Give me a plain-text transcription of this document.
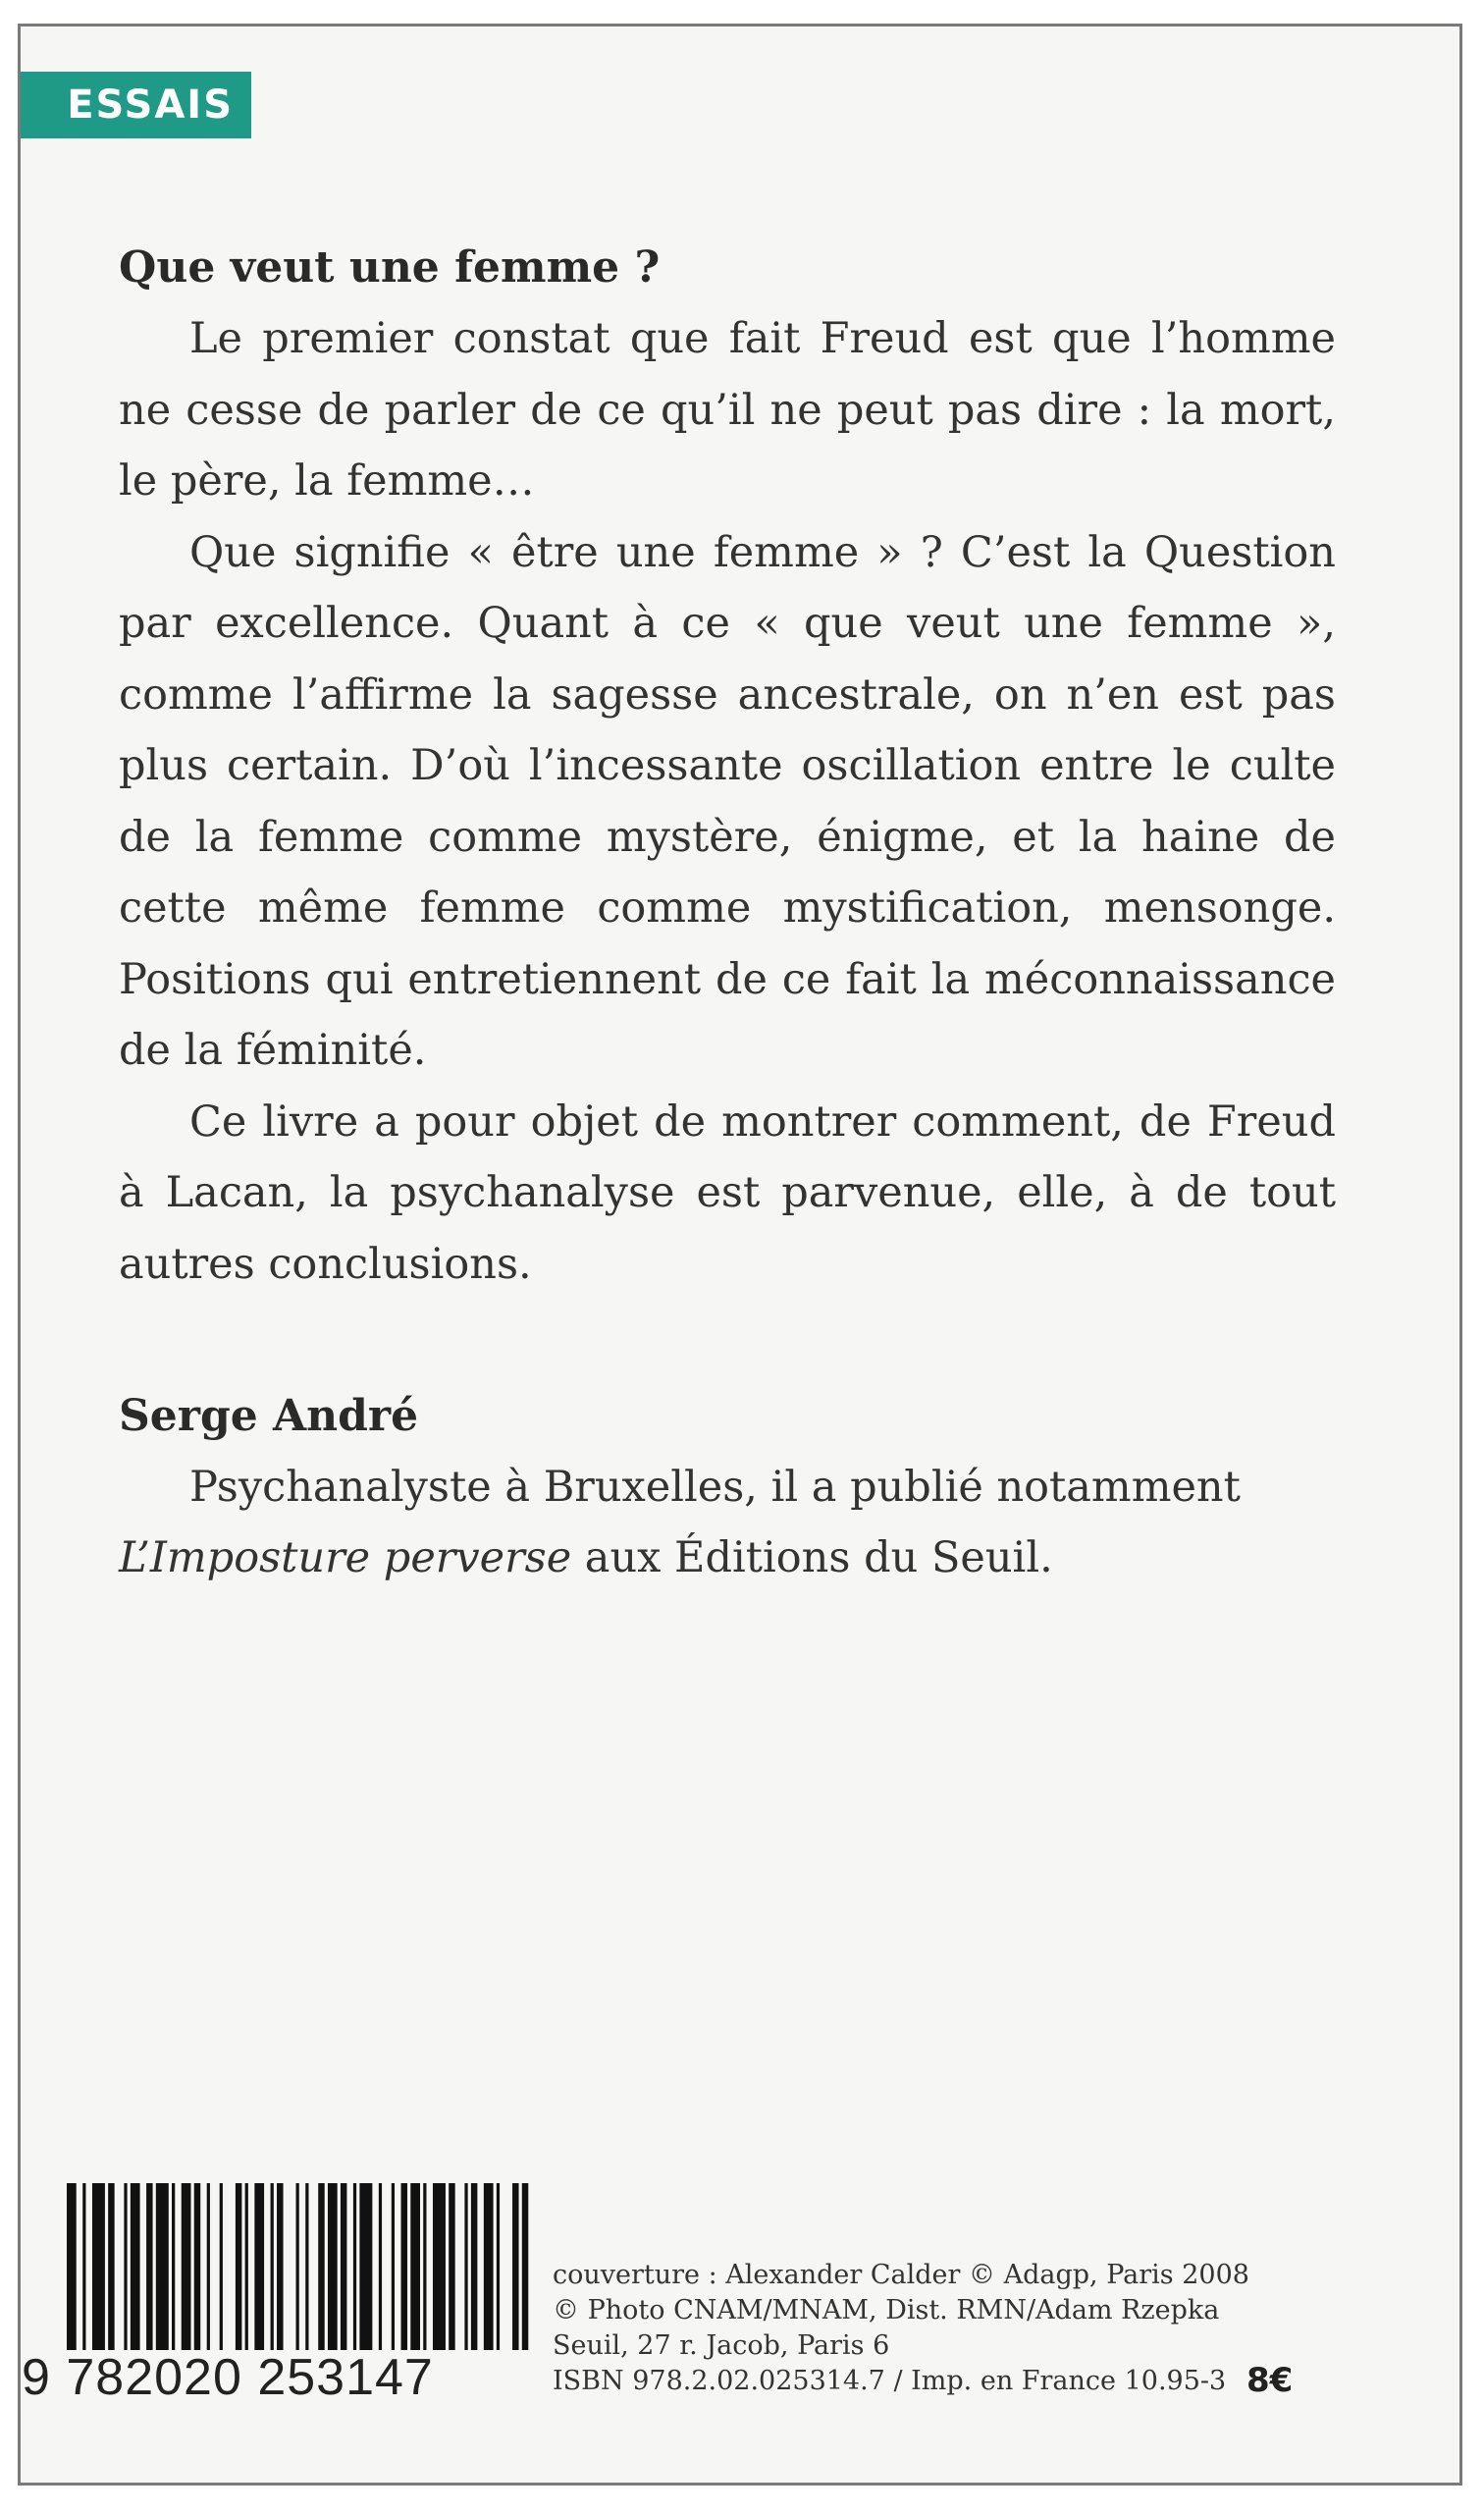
ESSAIS
Que veut une femme ?

Le premier constat que fait Freud est que l’homme ne cesse de parler de ce qu’il ne peut pas dire : la mort, le père, la femme…

Que signifie « être une femme » ? C’est la Question par excellence. Quant à ce « que veut une femme », comme l’affirme la sagesse ancestrale, on n’en est pas plus certain. D’où l’incessante oscillation entre le culte de la femme comme mystère, énigme, et la haine de cette même femme comme mystification, mensonge. Positions qui entretiennent de ce fait la méconnaissance de la féminité.

Ce livre a pour objet de montrer comment, de Freud à Lacan, la psychanalyse est parvenue, elle, à de tout autres conclusions.

Serge André

Psychanalyste à Bruxelles, il a publié notamment L’Imposture perverse aux Éditions du Seuil.

9 782020 253147
couverture : Alexander Calder © Adagp, Paris 2008
© Photo CNAM/MNAM, Dist. RMN/Adam Rzepka
Seuil, 27 r. Jacob, Paris 6
ISBN 978.2.02.025314.7 / Imp. en France 10.95-3 8€
